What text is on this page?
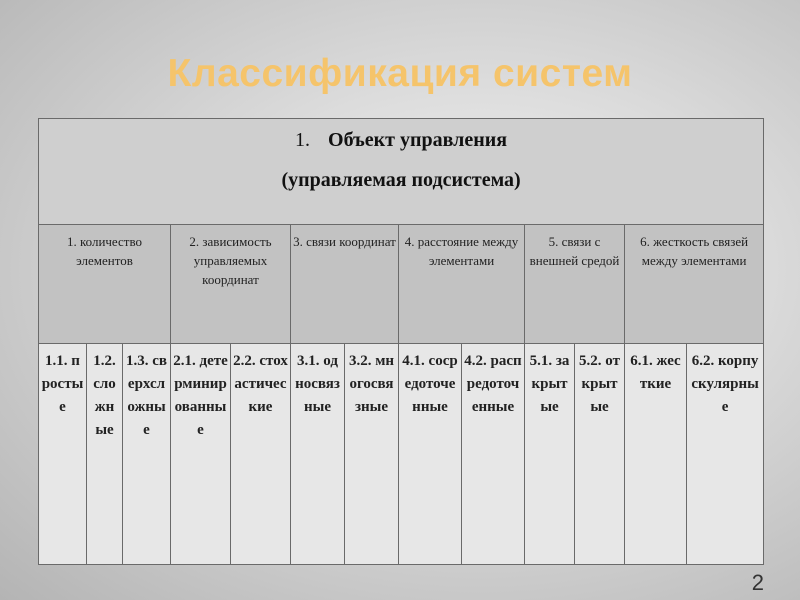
Классификация систем
1. Объект управления
(управляемая подсистема)												

1. количество элементов			2. зависимость управляемых координат		3. связи координат		4. расстояние между элементами		5. связи с внешней средой		6. жесткость связей между элементами	

1.1. простые	1.2. сложные	1.3. сверхсложные	2.1. детерминированные	2.2. стохастические	3.1. односвязные	3.2. многосвязные	4.1. сосредоточенные	4.2. распредоточенные	5.1. закрытые	5.2. открытые	6.1. жесткие	6.2. корпускулярные
2
